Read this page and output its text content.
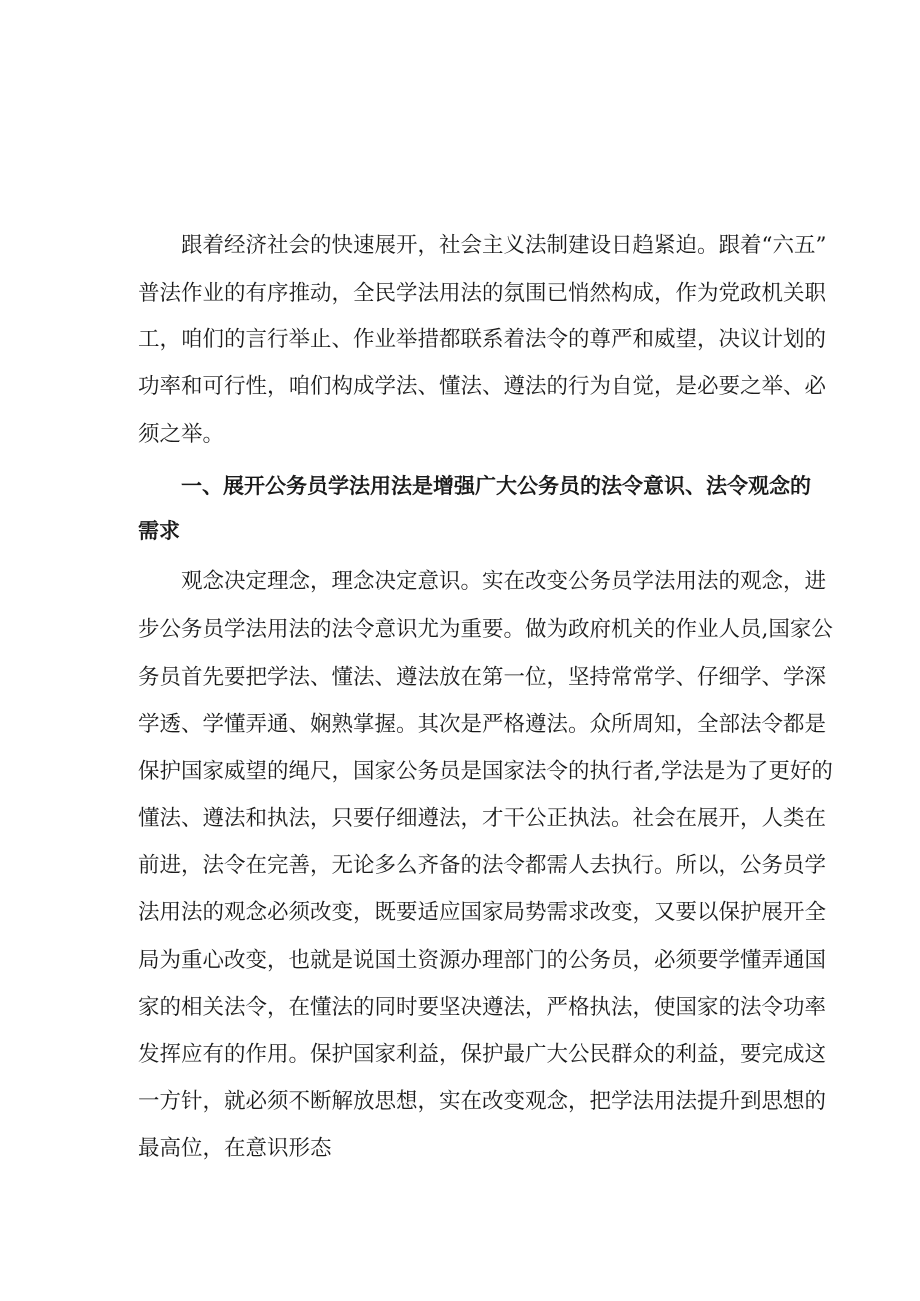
跟着经济社会的快速展开，社会主义法制建设日趋紧迫。跟着“六五”
普法作业的有序推动，全民学法用法的氛围已悄然构成，作为党政机关职
工，咱们的言行举止、作业举措都联系着法令的尊严和威望，决议计划的
功率和可行性，咱们构成学法、懂法、遵法的行为自觉，是必要之举、必
须之举。
一、展开公务员学法用法是增强广大公务员的法令意识、法令观念的
需求
观念决定理念，理念决定意识。实在改变公务员学法用法的观念，进
步公务员学法用法的法令意识尤为重要。做为政府机关的作业人员,国家公
务员首先要把学法、懂法、遵法放在第一位，坚持常常学、仔细学、学深
学透、学懂弄通、娴熟掌握。其次是严格遵法。众所周知，全部法令都是
保护国家威望的绳尺，国家公务员是国家法令的执行者,学法是为了更好的
懂法、遵法和执法，只要仔细遵法，才干公正执法。社会在展开，人类在
前进，法令在完善，无论多么齐备的法令都需人去执行。所以，公务员学
法用法的观念必须改变，既要适应国家局势需求改变，又要以保护展开全
局为重心改变，也就是说国土资源办理部门的公务员，必须要学懂弄通国
家的相关法令，在懂法的同时要坚决遵法，严格执法，使国家的法令功率
发挥应有的作用。保护国家利益，保护最广大公民群众的利益，要完成这
一方针，就必须不断解放思想，实在改变观念，把学法用法提升到思想的
最高位，在意识形态
